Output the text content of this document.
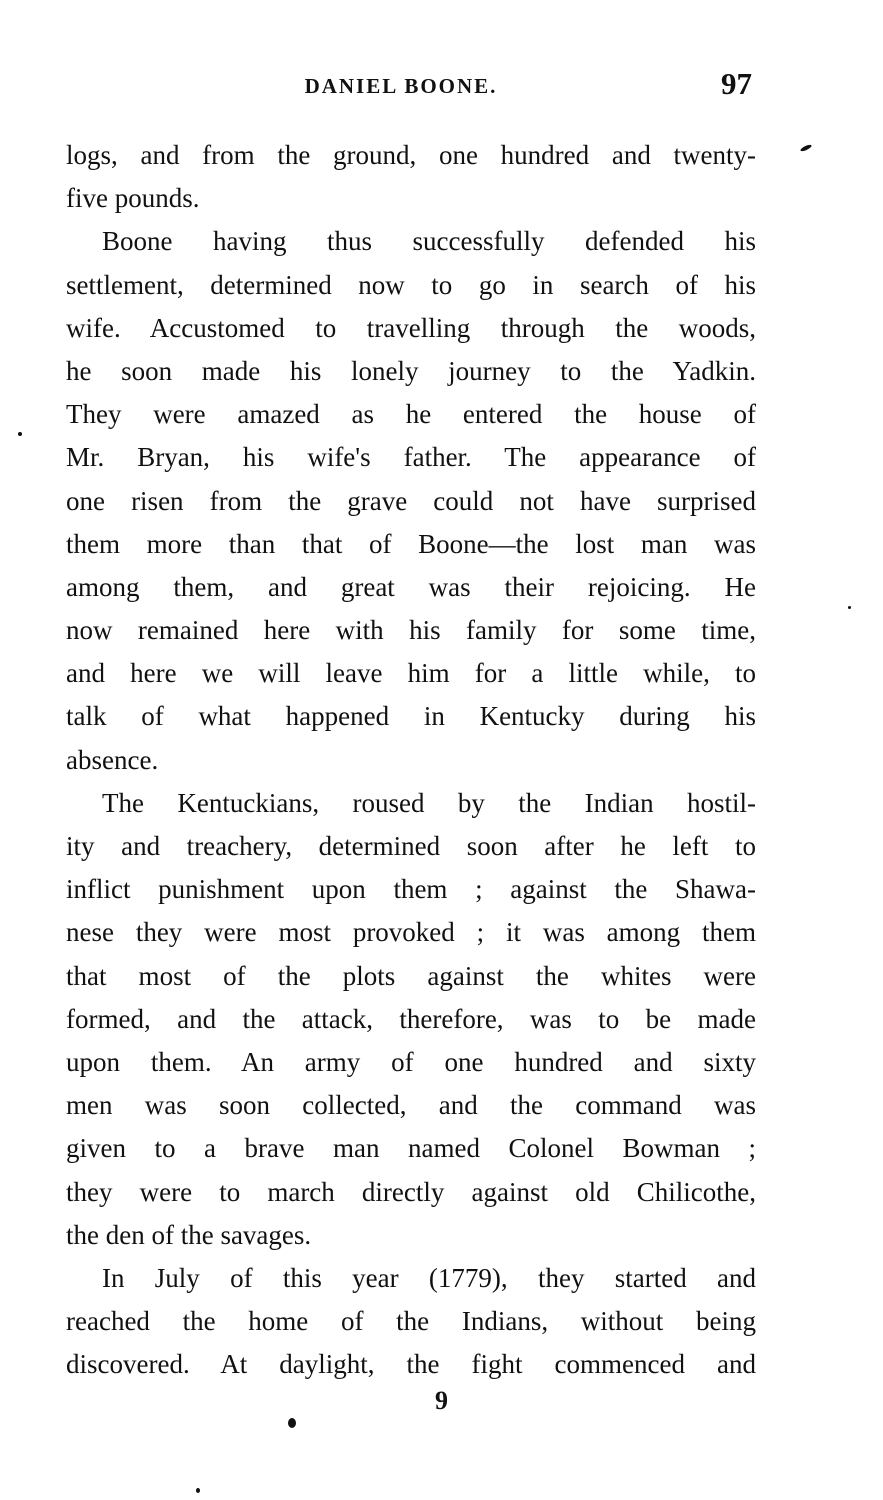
DANIEL BOONE.	97

logs, and from the ground, one hundred and twenty-
five pounds.

Boone having thus successfully defended his
settlement, determined now to go in search of his
wife. Accustomed to travelling through the woods,
he soon made his lonely journey to the Yadkin.
They were amazed as he entered the house of
Mr. Bryan, his wife's father. The appearance of
one risen from the grave could not have surprised
them more than that of Boone—the lost man was
among them, and great was their rejoicing. He
now remained here with his family for some time,
and here we will leave him for a little while, to
talk of what happened in Kentucky during his
absence.

The Kentuckians, roused by the Indian hostil-
ity and treachery, determined soon after he left to
inflict punishment upon them ; against the Shawa-
nese they were most provoked ; it was among them
that most of the plots against the whites were
formed, and the attack, therefore, was to be made
upon them. An army of one hundred and sixty
men was soon collected, and the command was
given to a brave man named Colonel Bowman ;
they were to march directly against old Chilicothe,
the den of the savages.

In July of this year (1779), they started and
reached the home of the Indians, without being
discovered. At daylight, the fight commenced and

9
